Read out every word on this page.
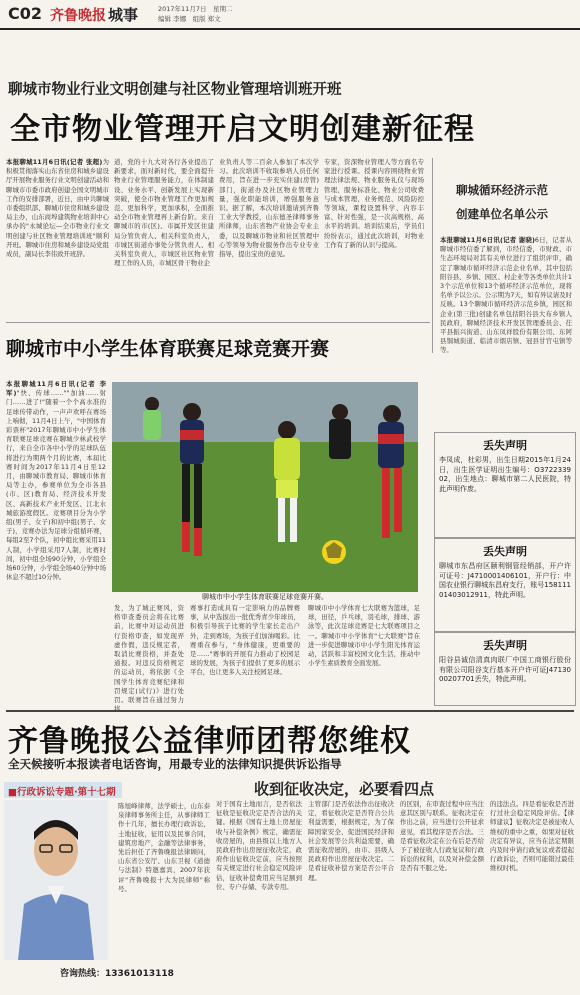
C02 齐鲁晚报 城事	2017年11月7日　星期二
编辑 李娜　组版 郑文
聊城市物业行业文明创建与社区物业管理培训班开班
全市物业管理开启文明创建新征程
本报聊城11月6日讯(记者 张超)为积极贯彻落实山东省住房和城乡建设厅开展物业服务行业文明创建活动和聊城市市委市政府创建全国文明城市工作的安排部署，近日，由中共聊城市委组织部、聊城市住房和城乡建设局主办，山东商埠建筑物业培训中心承办的"永城论坛—全市物业行业文明创建与社区物业管理培训班"顺利开班。聊城市住房和城乡建设局党组成员，副局长李伟致开班辞。
道，党的十九大对各行各业提出了新要求，面对新时代，要全面提升物业行业管理服务能力，在体制建设、业务水平、创新发展上实现新突破，使全市物业管理工作更加规范、更加科学，更加承积，全面推动全市物业管理再上新台阶。来自聊城市的市(区)、市属开发区住建局分管负责人、相关科室负责人，市城区街道办事处分管负责人、相关科室负责人，市城区社区物业管理工作的人员，市城区骨干物业企
业负责人等二百余人参加了本次学习。此次培训不收取参培人员任何费用，旨在进一步充实住建(房管)部门，街道办及社区物业管理力量，强化职能培训，增强服务意识。据了解，本次培训邀请到齐鲁工业大学教授，山东德圣律师事务所律师，山东省物产业协会专业主委，以及聊城市物业和社区管理中心等领导为物业服务作出专业专业指导，提出宝贵的意见。
专家，资深物业管理人等方面名专家进行授课。授课内容围绕物业管理法律法规、物业服务礼仪与现场管理、服务标准化、物业公司收费与成本管理、业务规范、风险防控等领域，课程设置科学、内容丰富、针对性强，是一次高规格、高水平的培训。培训结束后，学员们纷纷表示，通过此次培训，对物业工作有了新的认识与提高。
聊城循环经济示范
创建单位名单公示
本报聊城11月6日讯(记者 谢晓)6日，记者从聊城市经信委了解到，市经信委，市财政、市生态环境局对其有关单位进行了组织评审，确定了聊城市循环经济示范企业名单，其中包括阳谷县、乡镇、园区、村企业等各类单位共计13个示范单位和13个循环经济示范单位，现将名单予以公示。公示期为7天，如有异议请及时反映。13个聊城市循环经济示范乡镇，园区和企业(第三批)创建名单包括阳谷县大布乡镇人民政府，聊城经济技术开发区管理委员会、茌平县振兴街道、山东凤祥股份有限公司、东阿县铜城街道、临清市烟店镇、冠县甘官屯镇等等。
聊城市中小学生体育联赛足球竞赛开赛
本报聊城11月6日讯(记者 李军)"快、传球……""加油……射门……进了!"随着一个个高水准的足球传带动作，一声声欢呼在赛场上响彻，11月4日上午，"中国体育彩票杯"2017年聊城市中小学生体育联赛足球竞赛在聊城少林武校学行，来自全市各中小学的足球队伍将进行为期两个月的比赛，本届比赛时间为2017年11月4日至12月，由聊城市教育局、聊城市体育局等主办，参赛单位为全市各县(市、区)教育局、经济技术开发区、高新技术产业开发区、江北水城旅游度假区。竞赛项目分为小学组(男子、女子)和初中组(男子、女子)，竞赛办法为足球分组循环赛，每组2至7个队，初中组比赛采用11人制，小学组采用7人制，比赛时间，初中组全场90分钟，小学组全场60分钟，小学组全场40分钟中场休息不超过10分钟。
聊城市中小学生体育联赛足球竞赛开赛。
发，为了城正赛风，资格审查委员会将在比赛前，比赛中对运动员进行资格审查，如发现弄虚作假，违反规定者，取消比赛资格，并查处通报。对违反资格规定的运动员，将依据《全国学生体育竞赛纪律和罚规定(试行)》进行处罚。联赛旨在通过努力
赛事打造成具有一定影响力的品牌赛事，从中选拔出一批优秀青少年球员，积极引导孩子比赛的学生家长走出户外，走到赛场，为孩子们加油喝彩。比赛重在参与，"身体健康，更重要的是……"赛事的开展有力推动了校园足球的发展，为孩子们提供了更多的展示平台，也让更多人关注校园足球。
聊城市中小学体育七大联赛为篮球，足球，田径，乒乓球，羽毛球，排球、游泳等，此次足球竞赛是七大联赛项目之一。聊城市中小学体育"七大联赛"旨在进一步促进聊城市中小学生阳光体育运动，活跃和丰富校园文化生活，推动中小学生素质教育全面发展。
丢失声明
李凤成，杜彩男，出生日期2015年1月24日，出生医学证明出生编号：O372233902，出生地点：聊城市第二人民医院，特此声明作废。
丢失声明
聊城市东昌府区颐利钢管经销部，开户许可证号：J4710001406101，开户行：中国农业银行聊城东昌府支行，账号15811101403012911，特此声明。
丢失声明
阳谷县诚信清真肉联厂中国工商银行股份有限公司阳谷支行基本开户许可证J4713000207701丢失，特此声明。
齐鲁晚报公益律师团帮您维权
全天候接听本报读者电话咨询，用最专业的法律知识提供诉讼指导
■行政诉讼专题·第十七期	收到征收决定，必要看四点
陈旭峰律师，法学硕士，山东泰泉律师事务所主任，从事律师工作十几年，擅长办理行政诉讼，土地征收，征用以及民事合同，建筑房地产，金融等法律事务，先后担任了齐鲁晚报法律顾问，山东省公安厅、山东卫视《道德与法制》特邀嘉宾，2007年获评"齐鲁晚报十大为民律师"称号。
对于国有土地而言，是否依法征收是征收决定是否合法的关键。根据《国有土地上房屋征收与补偿条例》规定，确需征收房屋的，由县级以上地方人民政府作出房屋征收决定，政府作出征收决定前，应当按照有关规定进行社会稳定风险评估，征收补偿费用应当足额到位、专户存储、专款专用。
主管部门是否依法作出征收决定，看征收决定是否符合公共利益需要，根据规定，为了保障国家安全、促进国民经济和社会发展等公共利益需要，确需征收房屋的，由市、县级人民政府作出房屋征收决定。二是看征收补偿方案是否公平合理。
的区别，在审查过程中应当注意其区别与联系。征收决定在作出之前，应当进行公开征求意见，看其程序是否合法。三是看征收决定在公布后是否给予了被征收人行政复议和行政诉讼的权利，以及对补偿金额是否有不服之处。
的违法点。四是看征收是否进行过社会稳定风险评估。【律师建议】征收决定是被征收人维权的重中之重，如果对征收决定有异议，应当在法定期限内及时申请行政复议或者提起行政诉讼，否则可能错过最佳维权时机。
咨询热线：13361013118
